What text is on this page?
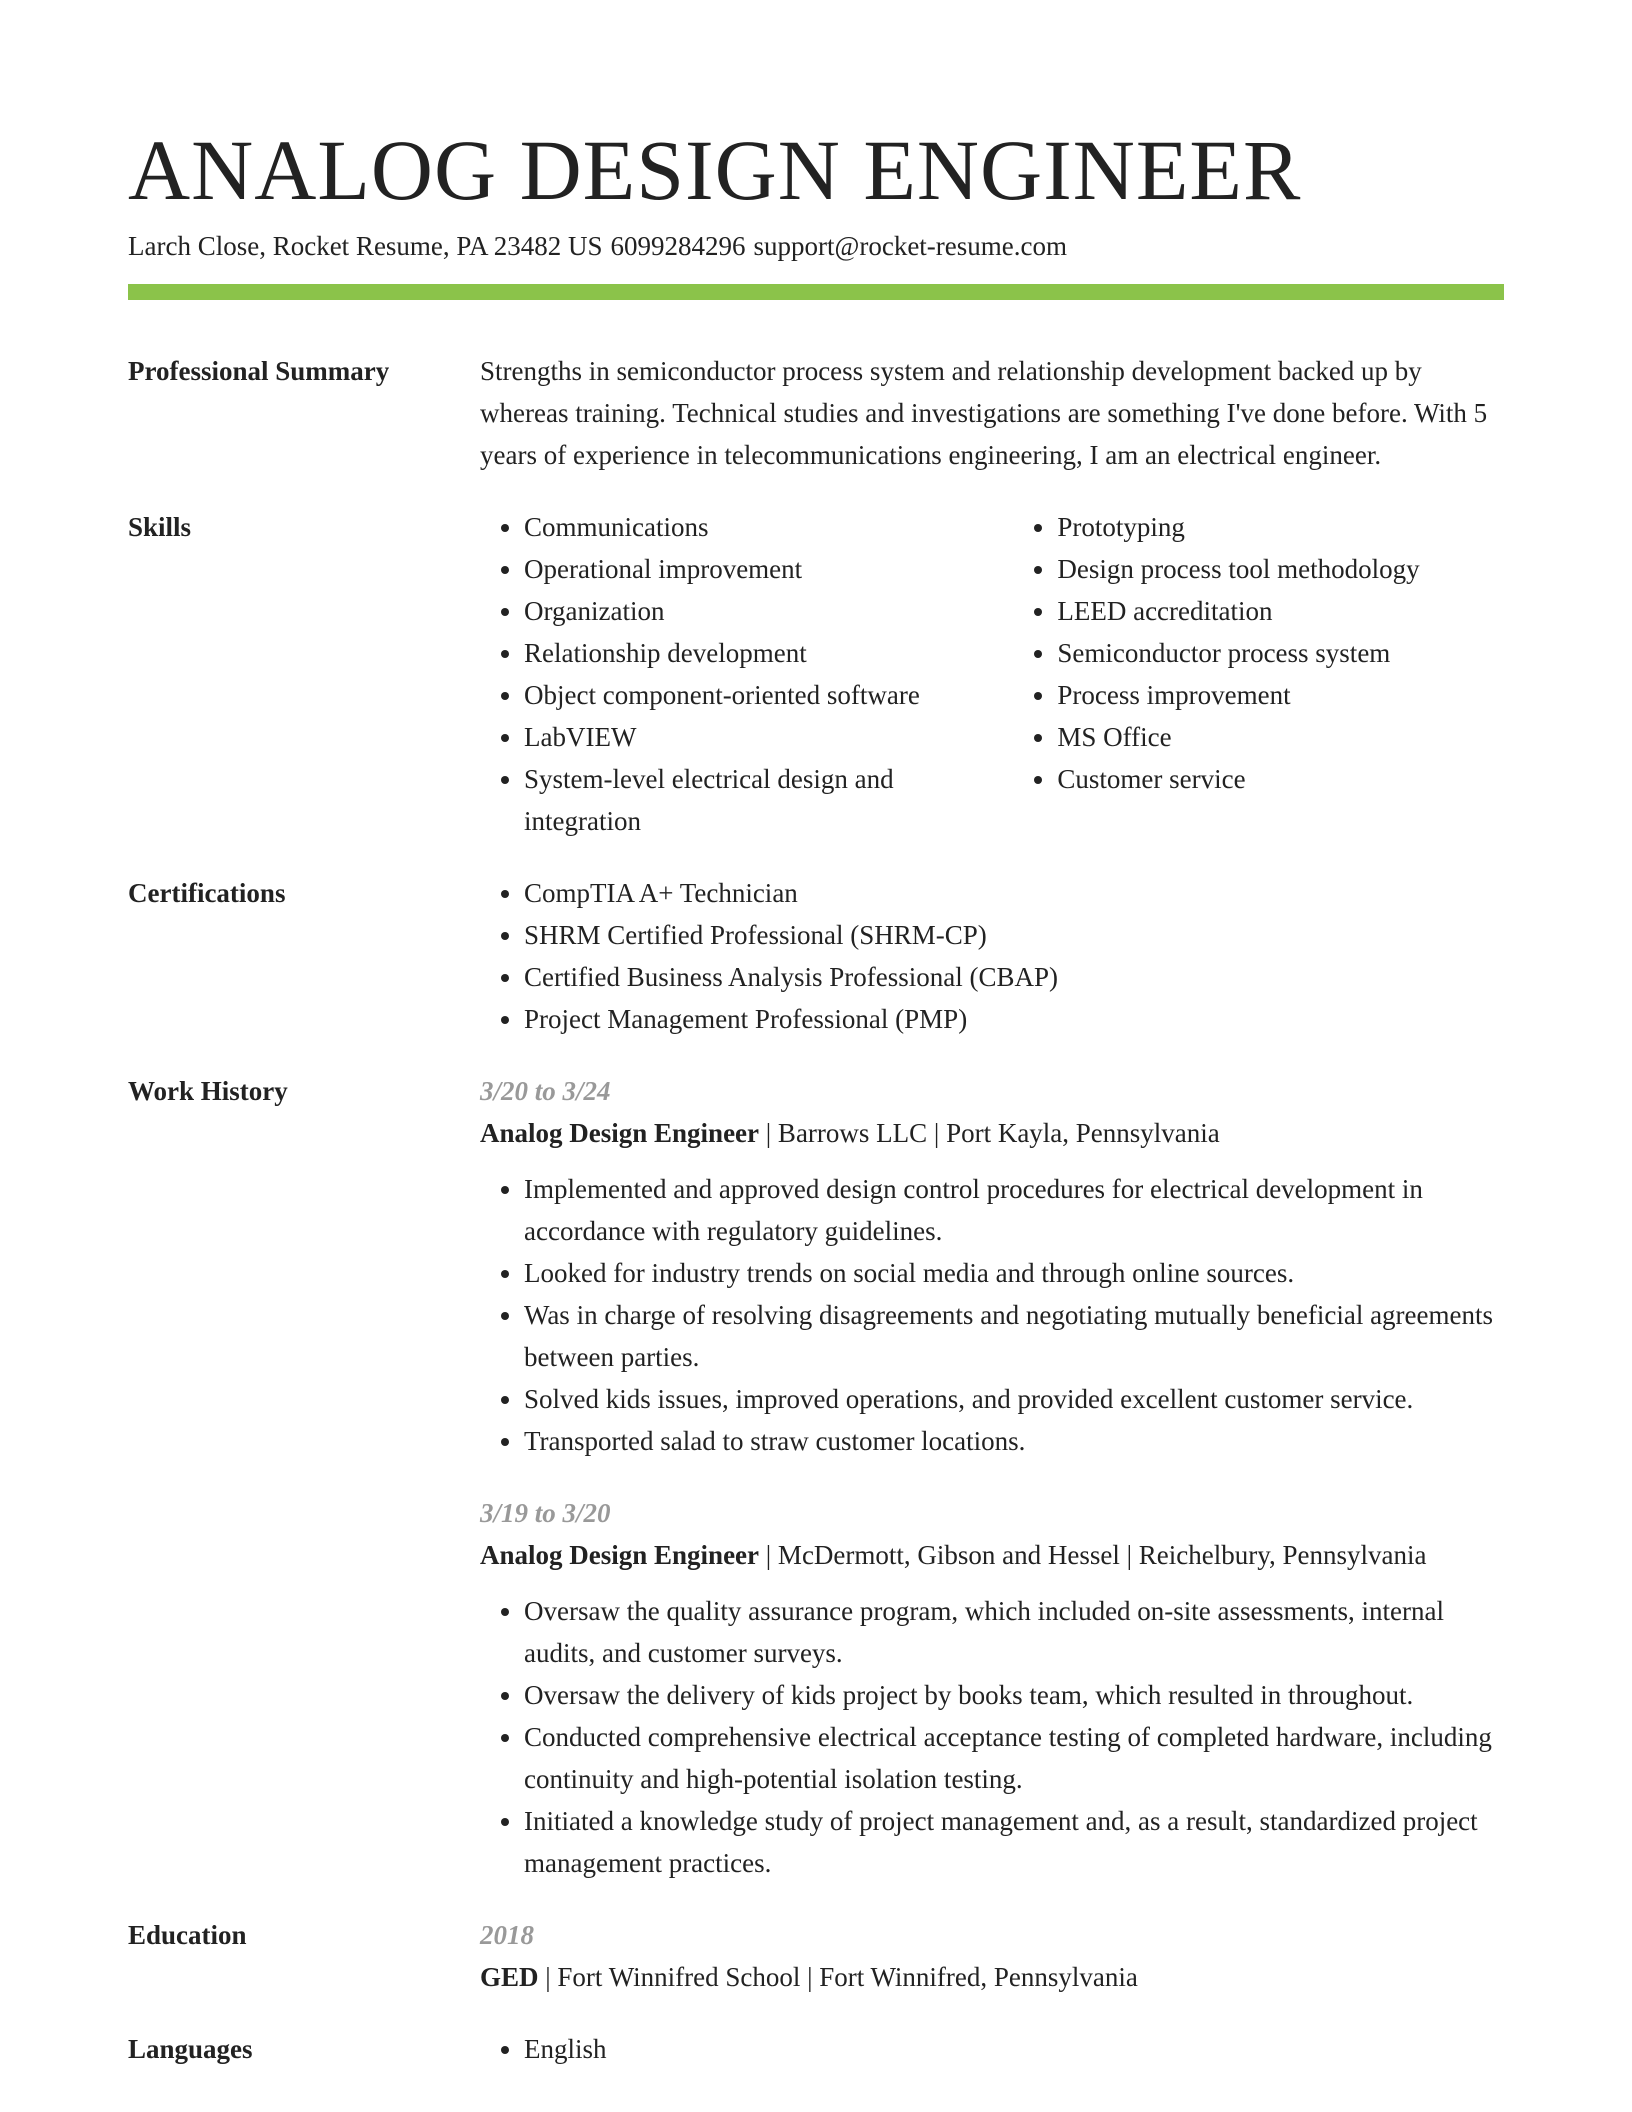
ANALOG DESIGN ENGINEER
Larch Close, Rocket Resume, PA 23482 US 6099284296 support@rocket-resume.com
Professional Summary	Strengths in semiconductor process system and relationship development backed up by whereas training. Technical studies and investigations are something I've done before. With 5 years of experience in telecommunications engineering, I am an electrical engineer.

Skills	• Communications
• Operational improvement
• Organization
• Relationship development
• Object component-oriented software
• LabVIEW
• System-level electrical design and integration
• Prototyping
• Design process tool methodology
• LEED accreditation
• Semiconductor process system
• Process improvement
• MS Office
• Customer service
Certifications	• CompTIA A+ Technician
• SHRM Certified Professional (SHRM-CP)
• Certified Business Analysis Professional (CBAP)
• Project Management Professional (PMP)
Work History	3/20 to 3/24
Analog Design Engineer | Barrows LLC | Port Kayla, Pennsylvania
• Implemented and approved design control procedures for electrical development in accordance with regulatory guidelines.
• Looked for industry trends on social media and through online sources.
• Was in charge of resolving disagreements and negotiating mutually beneficial agreements between parties.
• Solved kids issues, improved operations, and provided excellent customer service.
• Transported salad to straw customer locations.
3/19 to 3/20
Analog Design Engineer | McDermott, Gibson and Hessel | Reichelbury, Pennsylvania
• Oversaw the quality assurance program, which included on-site assessments, internal audits, and customer surveys.
• Oversaw the delivery of kids project by books team, which resulted in throughout.
• Conducted comprehensive electrical acceptance testing of completed hardware, including continuity and high-potential isolation testing.
• Initiated a knowledge study of project management and, as a result, standardized project management practices.
Education	2018
GED | Fort Winnifred School | Fort Winnifred, Pennsylvania
Languages	• English
